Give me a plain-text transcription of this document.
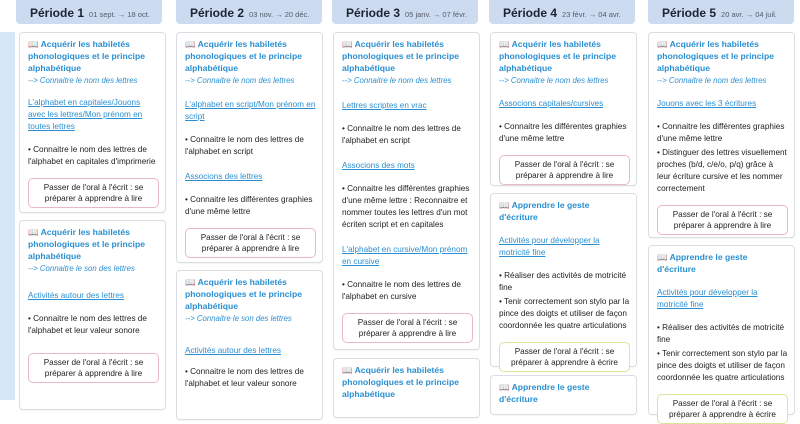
Période 1 01 sept. → 18 oct.	Période 2 03 nov. → 20 déc.	Période 3 05 janv. → 07 févr.	Période 4 23 févr. → 04 avr.	Période 5 20 avr. → 04 juil.
📖 Acquérir les habiletés phonologiques et le principe alphabétique
--> Connaitre le nom des lettres
L'alphabet en capitales/Jouons avec les lettres/Mon prénom en toutes lettres
• Connaitre le nom des lettres de l'alphabet en capitales d'imprimerie
Passer de l'oral à l'écrit : se préparer à apprendre à lire
📖 Acquérir les habiletés phonologiques et le principe alphabétique
--> Connaitre le son des lettres
Activités autour des lettres
• Connaitre le nom des lettres de l'alphabet et leur valeur sonore
Passer de l'oral à l'écrit : se préparer à apprendre à lire
📖 Acquérir les habiletés phonologiques et le principe alphabétique
--> Connaitre le nom des lettres
L'alphabet en script/Mon prénom en script
• Connaitre le nom des lettres de l'alphabet en script
Associons des lettres
• Connaitre les différentes graphies d'une même lettre
Passer de l'oral à l'écrit : se préparer à apprendre à lire
📖 Acquérir les habiletés phonologiques et le principe alphabétique
--> Connaitre le son des lettres
Activités autour des lettres
• Connaitre le nom des lettres de l'alphabet et leur valeur sonore
📖 Acquérir les habiletés phonologiques et le principe alphabétique
--> Connaitre le nom des lettres
Lettres scriptes en vrac
• Connaitre le nom des lettres de l'alphabet en script
Associons des mots
• Connaitre les différentes graphies d'une même lettre : Reconnaitre et nommer toutes les lettres d'un mot écriten script et en capitales
L'alphabet en cursive/Mon prénom en cursive
• Connaitre le nom des lettres de l'alphabet en cursive
Passer de l'oral à l'écrit : se préparer à apprendre à lire
📖 Acquérir les habiletés phonologiques et le principe alphabétique
📖 Acquérir les habiletés phonologiques et le principe alphabétique
--> Connaitre le nom des lettres
Associons capitales/cursives
• Connaitre les différentes graphies d'une même lettre
Passer de l'oral à l'écrit : se préparer à apprendre à lire
📖 Apprendre le geste d'écriture
Activités pour développer la motricité fine
• Réaliser des activités de motricité fine
• Tenir correctement son stylo par la pince des doigts et utiliser de façon coordonnée les quatre articulations
Passer de l'oral à l'écrit : se préparer à apprendre à écrire
📖 Apprendre le geste d'écriture
📖 Acquérir les habiletés phonologiques et le principe alphabétique
--> Connaitre le nom des lettres
Jouons avec les 3 écritures
• Connaitre les différentes graphies d'une même lettre
• Distinguer des lettres visuellement proches (b/d, c/e/o, p/q) grâce à leur écriture cursive et les nommer correctement
Passer de l'oral à l'écrit : se préparer à apprendre à lire
📖 Apprendre le geste d'écriture
Activités pour développer la motricité fine
• Réaliser des activités de motricité fine
• Tenir correctement son stylo par la pince des doigts et utiliser de façon coordonnée les quatre articulations
Passer de l'oral à l'écrit : se préparer à apprendre à écrire
